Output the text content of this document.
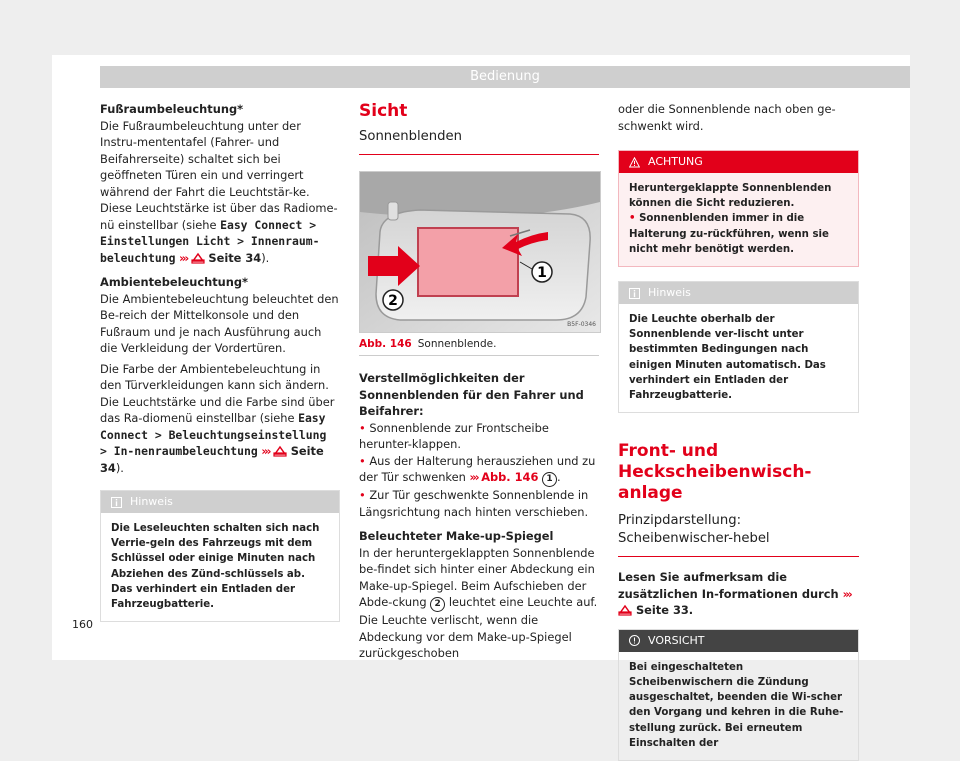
Bedienung

Fußraumbeleuchtung*

Die Fußraumbeleuchtung unter der Instru-mententafel (Fahrer- und Beifahrerseite) schaltet sich bei geöffneten Türen ein und verringert während der Fahrt die Leuchtstär-ke. Diese Leuchtstärke ist über das Radiome-nü einstellbar (siehe Easy Connect > Einstellungen Licht > Innenraum-beleuchtung ››› Seite 34).

Ambientebeleuchtung*

Die Ambientebeleuchtung beleuchtet den Be-reich der Mittelkonsole und den Fußraum und je nach Ausführung auch die Verkleidung der Vordertüren.

Die Farbe der Ambientebeleuchtung in den Türverkleidungen kann sich ändern. Die Leuchtstärke und die Farbe sind über das Ra-diomenü einstellbar (siehe Easy Connect > Beleuchtungseinstellung > In-nenraumbeleuchtung ››› Seite 34).

Hinweis
Die Leseleuchten schalten sich nach Verrie-geln des Fahrzeugs mit dem Schlüssel oder einige Minuten nach Abziehen des Zünd-schlüssels ab. Das verhindert ein Entladen der Fahrzeugbatterie.
Sicht
Sonnenblenden
1
2
B5F-0346
Abb. 146 Sonnenblende.

Verstellmöglichkeiten der Sonnenblenden für den Fahrer und Beifahrer:

• Sonnenblende zur Frontscheibe herunter-klappen.

• Aus der Halterung herausziehen und zu der Tür schwenken ››› Abb. 146 1 .

• Zur Tür geschwenkte Sonnenblende in Längsrichtung nach hinten verschieben.

Beleuchteter Make-up-Spiegel

In der heruntergeklappten Sonnenblende be-findet sich hinter einer Abdeckung ein Make-up-Spiegel. Beim Aufschieben der Abde-ckung 2 leuchtet eine Leuchte auf.

Die Leuchte verlischt, wenn die Abdeckung vor dem Make-up-Spiegel zurückgeschoben

oder die Sonnenblende nach oben ge-schwenkt wird.

ACHTUNG
Heruntergeklappte Sonnenblenden können die Sicht reduzieren.
• Sonnenblenden immer in die Halterung zu-rückführen, wenn sie nicht mehr benötigt werden.
Hinweis
Die Leuchte oberhalb der Sonnenblende ver-lischt unter bestimmten Bedingungen nach einigen Minuten automatisch. Das verhindert ein Entladen der Fahrzeugbatterie.
Front- und Heckscheibenwisch-anlage
Prinzipdarstellung: Scheibenwischer-hebel

Lesen Sie aufmerksam die zusätzlichen In-formationen durch ›››  Seite 33.

VORSICHT
Bei eingeschalteten Scheibenwischern die Zündung ausgeschaltet, beenden die Wi-scher den Vorgang und kehren in die Ruhe-stellung zurück. Bei erneutem Einschalten der
160
